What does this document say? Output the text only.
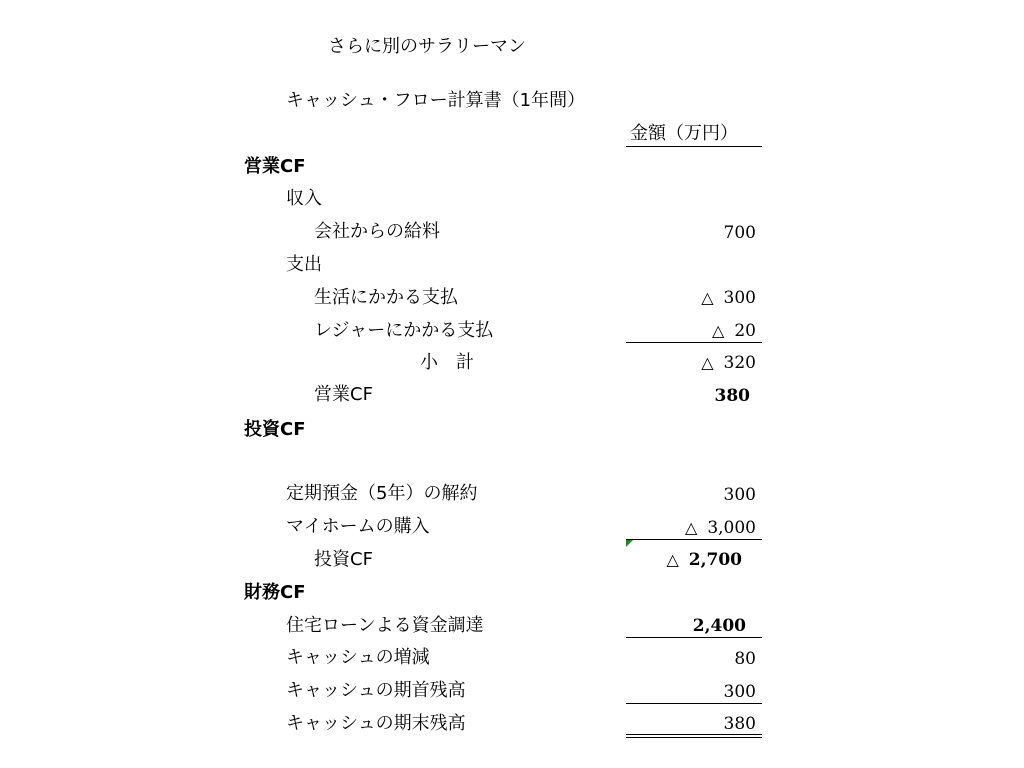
さらに別のサラリーマン
キャッシュ・フロー計算書（1年間）
金額（万円）
営業CF
収入
会社からの給料	700
支出
生活にかかる支払	△ 300
レジャーにかかる支払	△ 20
小　計	△ 320
営業CF	380
投資CF
定期預金（5年）の解約	300
マイホームの購入	△ 3,000
投資CF	△ 2,700
財務CF
住宅ローンよる資金調達	2,400
キャッシュの増減	80
キャッシュの期首残高	300
キャッシュの期末残高	380
